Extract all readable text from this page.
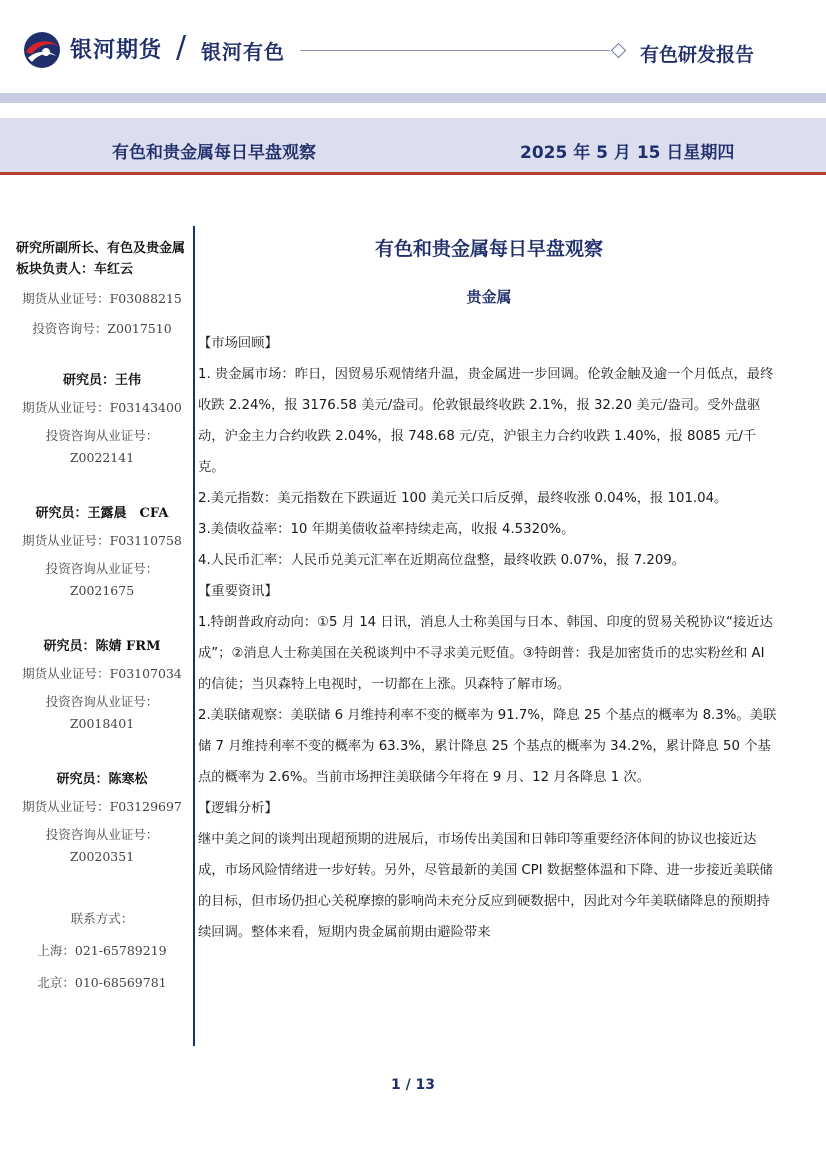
银河期货 / 银河有色	有色研发报告
有色和贵金属每日早盘观察	2025 年 5 月 15 日星期四
研究所副所长、有色及贵金属板块负责人：车红云
期货从业证号：F03088215
投资咨询号：Z0017510
研究员：王伟
期货从业证号：F03143400
投资咨询从业证号：Z0022141
研究员：王露晨　CFA
期货从业证号：F03110758
投资咨询从业证号：Z0021675
研究员：陈婧 FRM
期货从业证号：F03107034
投资咨询从业证号：Z0018401
研究员：陈寒松
期货从业证号：F03129697
投资咨询从业证号：Z0020351
联系方式：
上海：021-65789219
北京：010-68569781
有色和贵金属每日早盘观察
贵金属

【市场回顾】

1. 贵金属市场：昨日，因贸易乐观情绪升温，贵金属进一步回调。伦敦金触及逾一个月低点，最终收跌 2.24%，报 3176.58 美元/盎司。伦敦银最终收跌 2.1%，报 32.20 美元/盎司。受外盘驱动，沪金主力合约收跌 2.04%，报 748.68 元/克，沪银主力合约收跌 1.40%，报 8085 元/千克。

2.美元指数：美元指数在下跌逼近 100 美元关口后反弹，最终收涨 0.04%，报 101.04。

3.美债收益率：10 年期美债收益率持续走高，收报 4.5320%。

4.人民币汇率：人民币兑美元汇率在近期高位盘整，最终收跌 0.07%，报 7.209。

【重要资讯】

1.特朗普政府动向：①5 月 14 日讯，消息人士称美国与日本、韩国、印度的贸易关税协议“接近达成”；②消息人士称美国在关税谈判中不寻求美元贬值。③特朗普：我是加密货币的忠实粉丝和 AI 的信徒；当贝森特上电视时，一切都在上涨。贝森特了解市场。

2.美联储观察：美联储 6 月维持利率不变的概率为 91.7%，降息 25 个基点的概率为 8.3%。美联储 7 月维持利率不变的概率为 63.3%，累计降息 25 个基点的概率为 34.2%，累计降息 50 个基点的概率为 2.6%。当前市场押注美联储今年将在 9 月、12 月各降息 1 次。

【逻辑分析】

继中美之间的谈判出现超预期的进展后，市场传出美国和日韩印等重要经济体间的协议也接近达成，市场风险情绪进一步好转。另外，尽管最新的美国 CPI 数据整体温和下降、进一步接近美联储的目标，但市场仍担心关税摩擦的影响尚未充分反应到硬数据中，因此对今年美联储降息的预期持续回调。整体来看，短期内贵金属前期由避险带来

1 / 13
